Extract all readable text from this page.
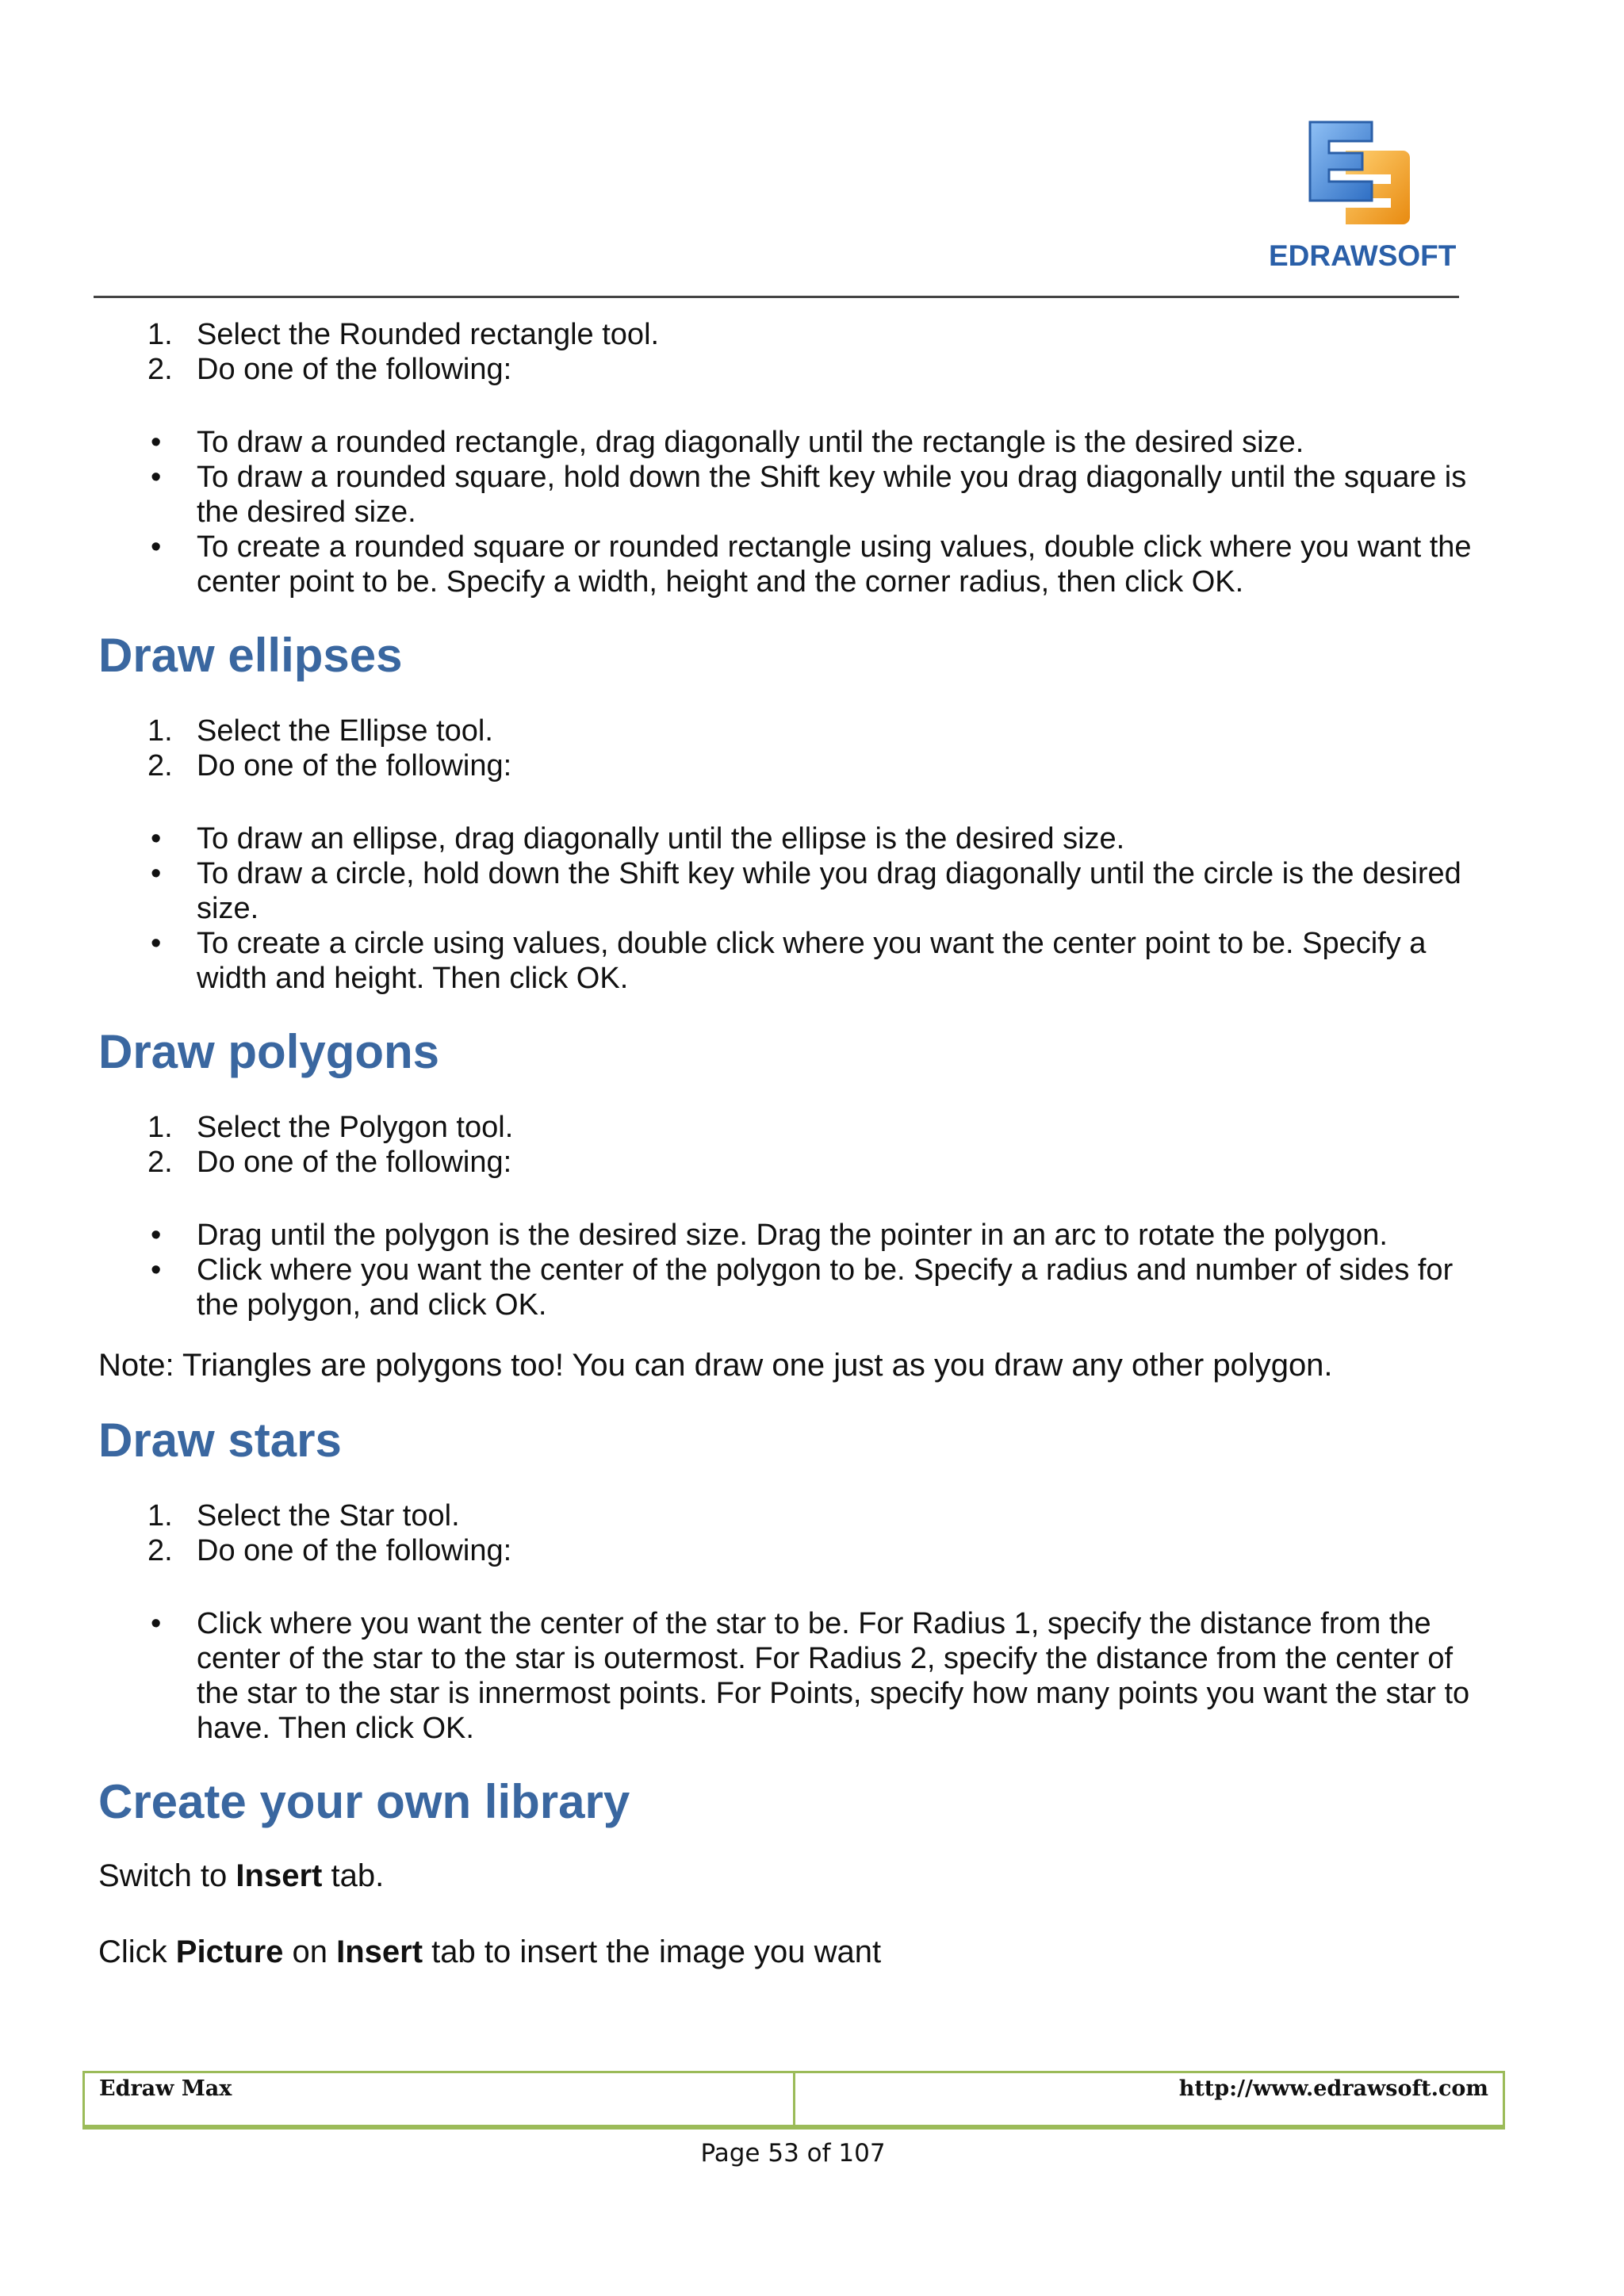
EDRAWSOFT
1. Select the Rounded rectangle tool.
2. Do one of the following:
• To draw a rounded rectangle, drag diagonally until the rectangle is the desired size.
• To draw a rounded square, hold down the Shift key while you drag diagonally until the square is the desired size.
• To create a rounded square or rounded rectangle using values, double click where you want the center point to be. Specify a width, height and the corner radius, then click OK.
Draw ellipses
1. Select the Ellipse tool.
2. Do one of the following:
• To draw an ellipse, drag diagonally until the ellipse is the desired size.
• To draw a circle, hold down the Shift key while you drag diagonally until the circle is the desired size.
• To create a circle using values, double click where you want the center point to be. Specify a width and height. Then click OK.
Draw polygons
1. Select the Polygon tool.
2. Do one of the following:
• Drag until the polygon is the desired size. Drag the pointer in an arc to rotate the polygon.
• Click where you want the center of the polygon to be. Specify a radius and number of sides for the polygon, and click OK.

Note: Triangles are polygons too! You can draw one just as you draw any other polygon.

Draw stars
1. Select the Star tool.
2. Do one of the following:
• Click where you want the center of the star to be. For Radius 1, specify the distance from the center of the star to the star is outermost. For Radius 2, specify the distance from the center of the star to the star is innermost points. For Points, specify how many points you want the star to have. Then click OK.
Create your own library

Switch to Insert tab.

Click Picture on Insert tab to insert the image you want

Edraw Max	http://www.edrawsoft.com
Page 53 of 107
